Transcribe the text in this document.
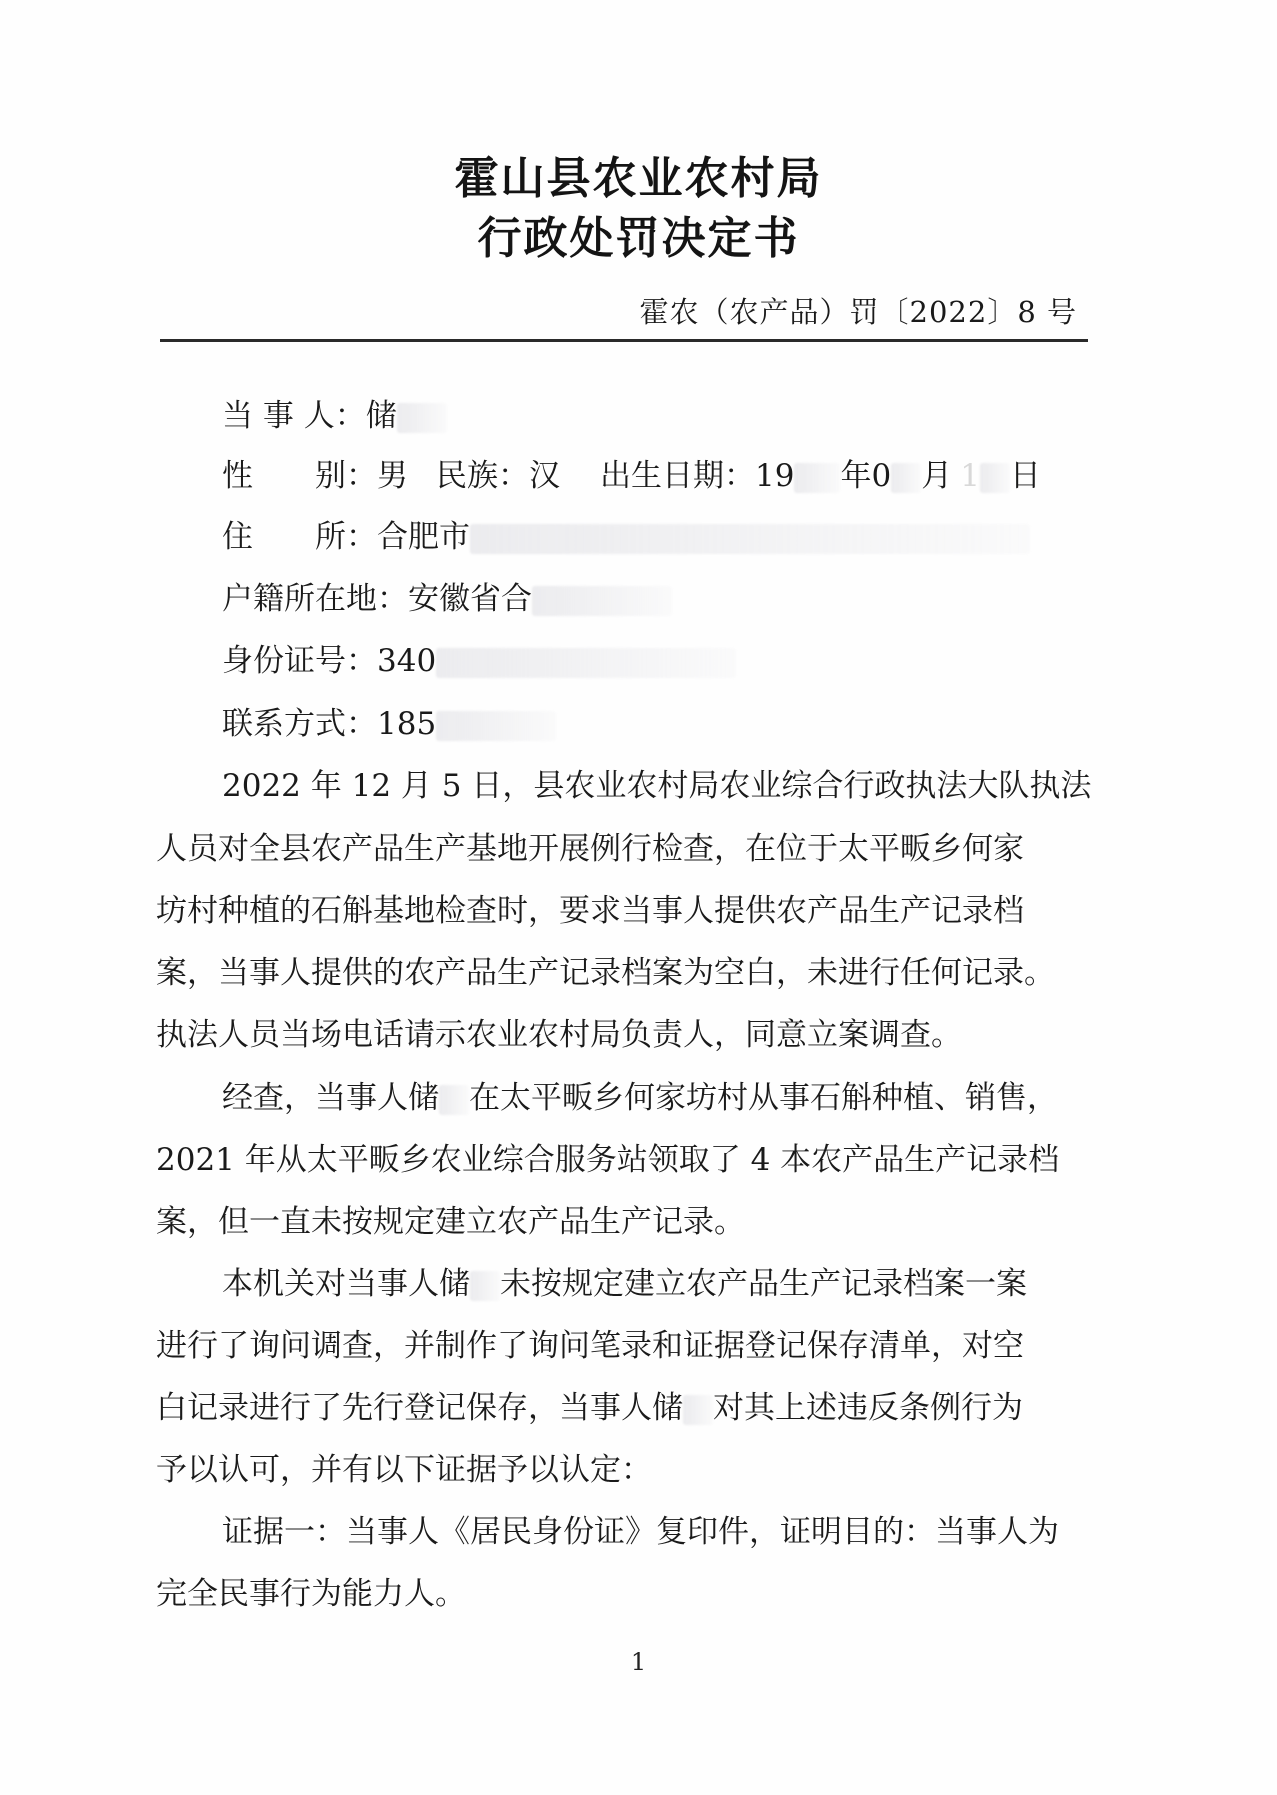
霍山县农业农村局
行政处罚决定书
霍农（农产品）罚〔2022〕8 号
当 事 人：储
性　　别：男 民族：汉 出生日期：19 年0 月 1 日
住　　所：合肥市
户籍所在地：安徽省合
身份证号：340
联系方式：185
2022 年 12 月 5 日，县农业农村局农业综合行政执法大队执法
人员对全县农产品生产基地开展例行检查，在位于太平畈乡何家
坊村种植的石斛基地检查时，要求当事人提供农产品生产记录档
案，当事人提供的农产品生产记录档案为空白，未进行任何记录。
执法人员当场电话请示农业农村局负责人，同意立案调查。
经查，当事人储 在太平畈乡何家坊村从事石斛种植、销售，
2021 年从太平畈乡农业综合服务站领取了 4 本农产品生产记录档
案，但一直未按规定建立农产品生产记录。
本机关对当事人储 未按规定建立农产品生产记录档案一案
进行了询问调查，并制作了询问笔录和证据登记保存清单，对空
白记录进行了先行登记保存，当事人储 对其上述违反条例行为
予以认可，并有以下证据予以认定：
证据一：当事人《居民身份证》复印件，证明目的：当事人为
完全民事行为能力人。
1
